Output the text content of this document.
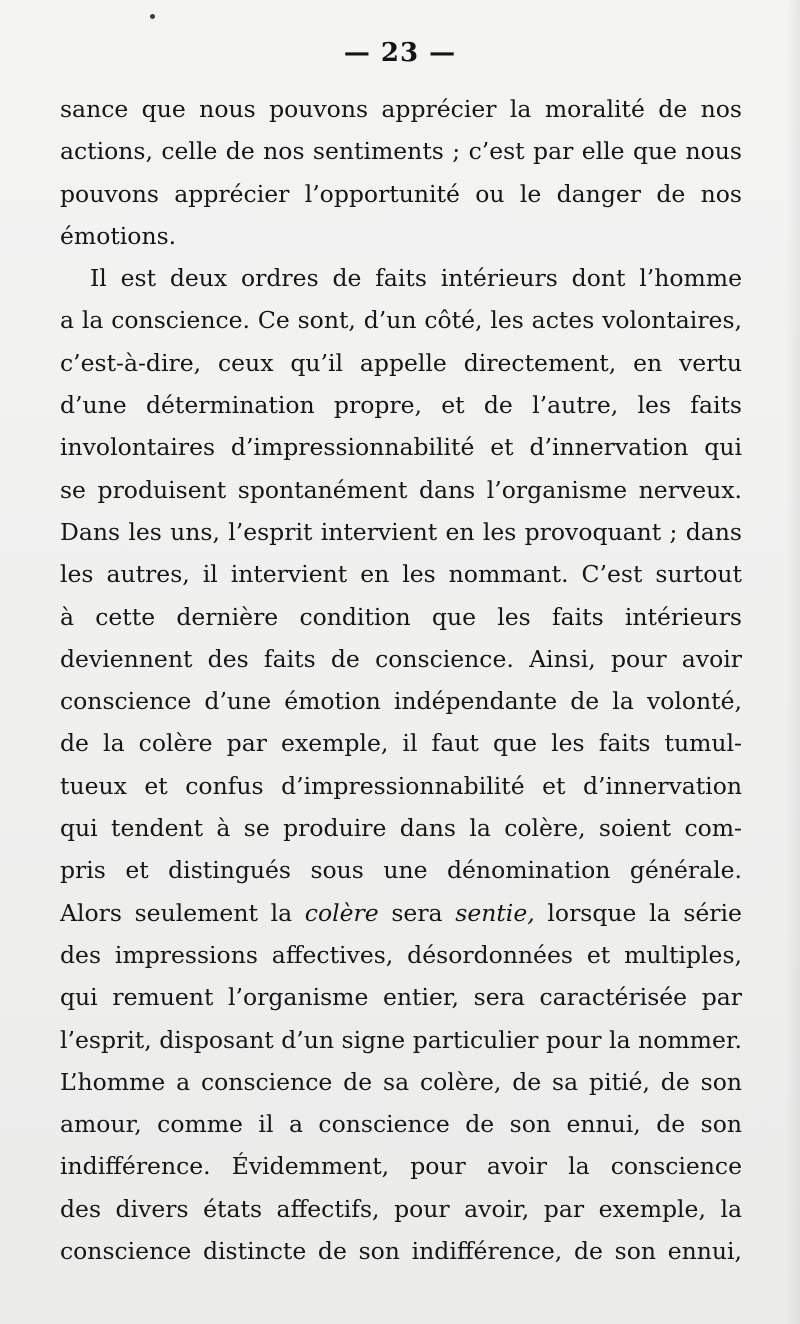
— 23 —
sance que nous pouvons apprécier la moralité de nos
actions, celle de nos sentiments ; c’est par elle que nous
pouvons apprécier l’opportunité ou le danger de nos
émotions.
Il est deux ordres de faits intérieurs dont l’homme
a la conscience. Ce sont, d’un côté, les actes volontaires,
c’est-à-dire, ceux qu’il appelle directement, en vertu
d’une détermination propre, et de l’autre, les faits
involontaires d’impressionnabilité et d’innervation qui
se produisent spontanément dans l’organisme nerveux.
Dans les uns, l’esprit intervient en les provoquant ; dans
les autres, il intervient en les nommant. C’est surtout
à cette dernière condition que les faits intérieurs
deviennent des faits de conscience. Ainsi, pour avoir
conscience d’une émotion indépendante de la volonté,
de la colère par exemple, il faut que les faits tumul-
tueux et confus d’impressionnabilité et d’innervation
qui tendent à se produire dans la colère, soient com-
pris et distingués sous une dénomination générale.
Alors seulement la colère sera sentie, lorsque la série
des impressions affectives, désordonnées et multiples,
qui remuent l’organisme entier, sera caractérisée par
l’esprit, disposant d’un signe particulier pour la nommer.
L’homme a conscience de sa colère, de sa pitié, de son
amour, comme il a conscience de son ennui, de son
indifférence. Évidemment, pour avoir la conscience
des divers états affectifs, pour avoir, par exemple, la
conscience distincte de son indifférence, de son ennui,
